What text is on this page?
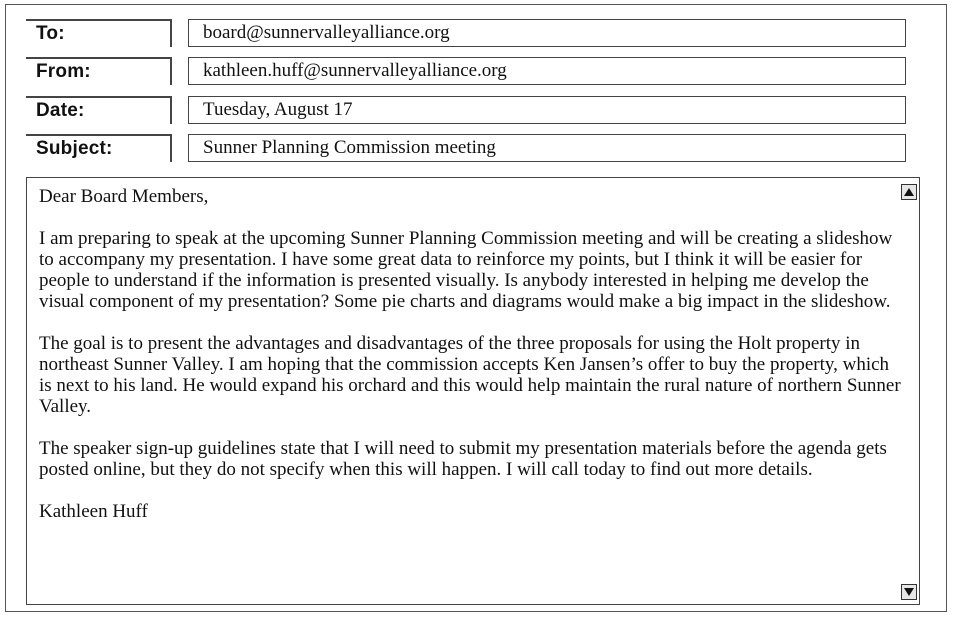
To:	board@sunnervalleyalliance.org
From:	kathleen.huff@sunnervalleyalliance.org
Date:	Tuesday, August 17
Subject:	Sunner Planning Commission meeting

Dear Board Members,

I am preparing to speak at the upcoming Sunner Planning Commission meeting and will be creating a slideshow to accompany my presentation. I have some great data to reinforce my points, but I think it will be easier for people to understand if the information is presented visually. Is anybody interested in helping me develop the visual component of my presentation? Some pie charts and diagrams would make a big impact in the slideshow.

The goal is to present the advantages and disadvantages of the three proposals for using the Holt property in northeast Sunner Valley. I am hoping that the commission accepts Ken Jansen’s offer to buy the property, which is next to his land. He would expand his orchard and this would help maintain the rural nature of northern Sunner Valley.

The speaker sign-up guidelines state that I will need to submit my presentation materials before the agenda gets posted online, but they do not specify when this will happen. I will call today to find out more details.

Kathleen Huff
